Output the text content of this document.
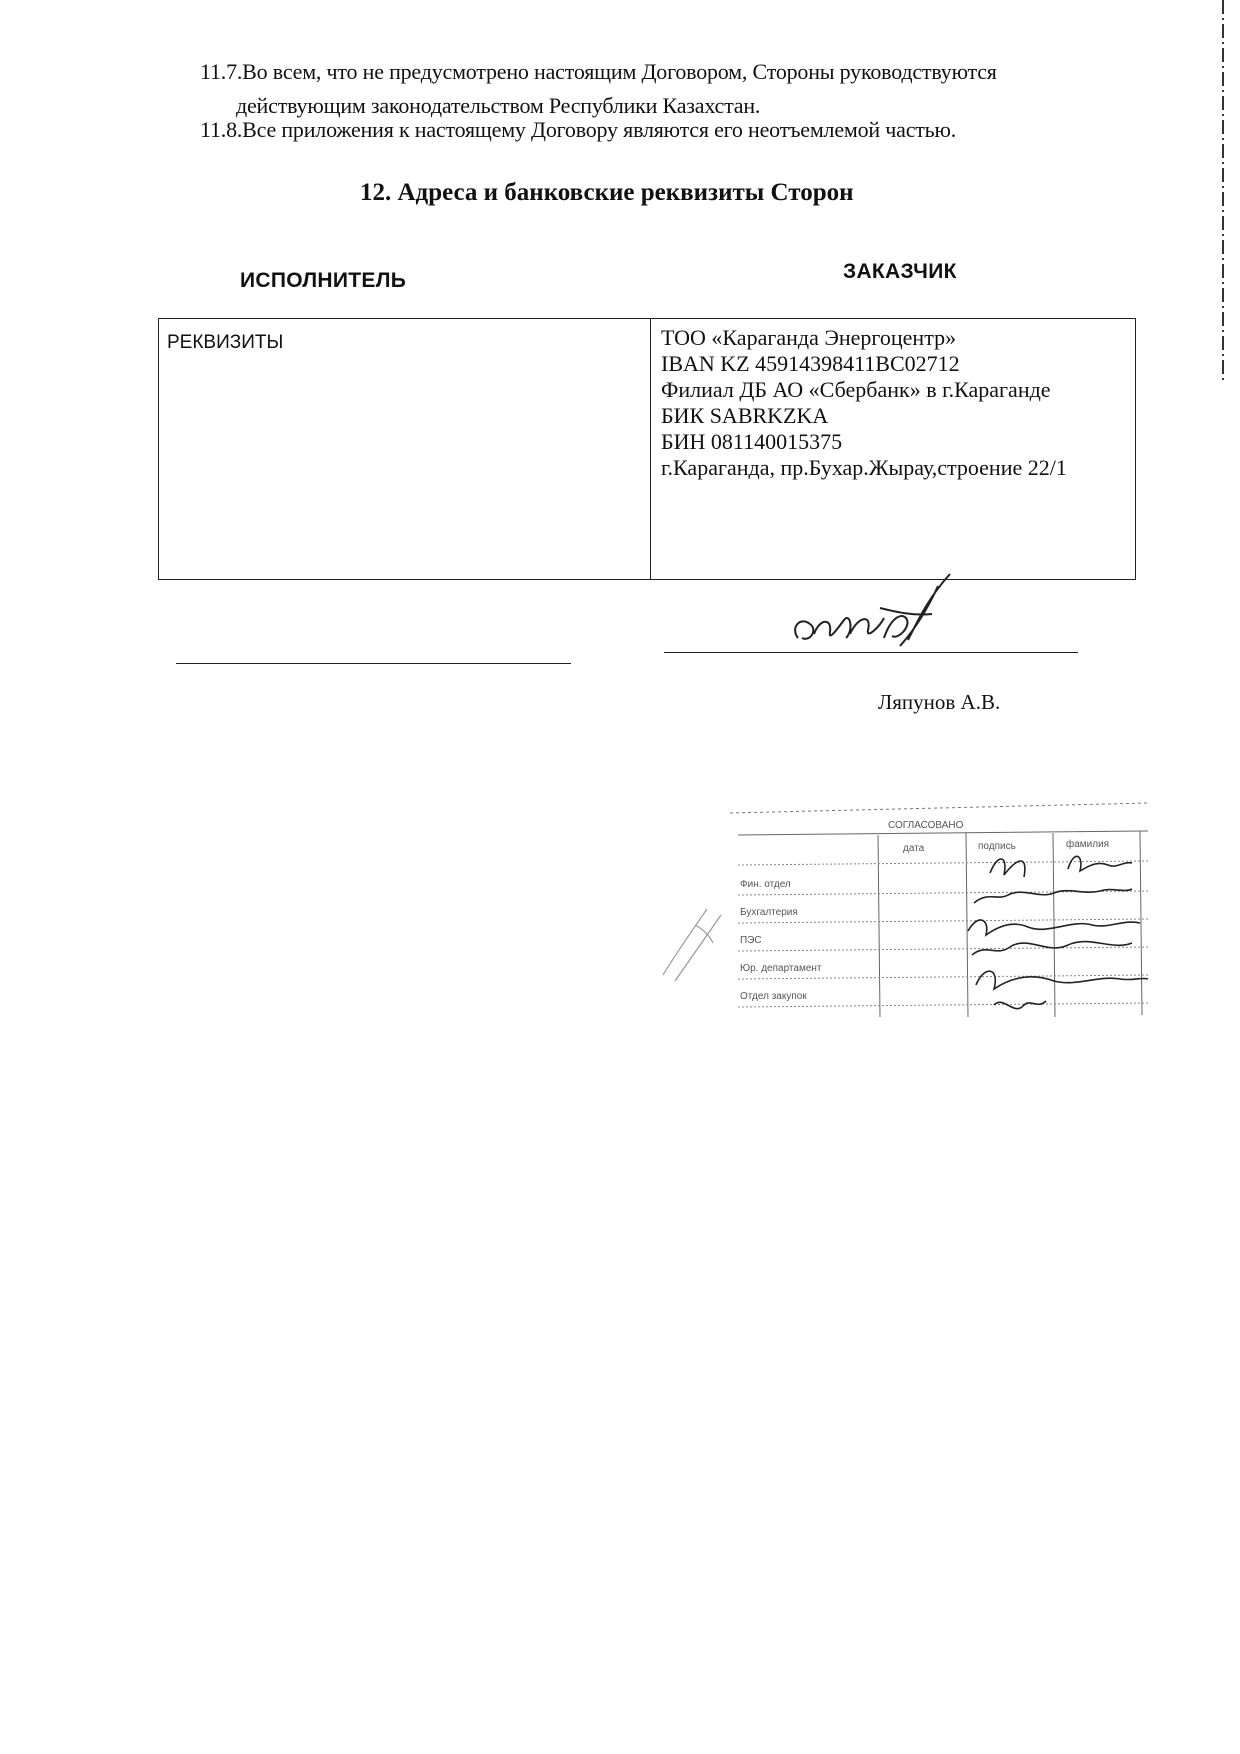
11.7.Во всем, что не предусмотрено настоящим Договором, Стороны руководствуются
действующим законодательством Республики Казахстан.
11.8.Все приложения к настоящему Договору являются его неотъемлемой частью.
12. Адреса и банковские реквизиты Сторон
ИСПОЛНИТЕЛЬ	ЗАКАЗЧИК
РЕКВИЗИТЫ	ТОО «Караганда Энергоцентр»
IBAN KZ 45914398411BC02712
Филиал ДБ АО «Сбербанк» в г.Караганде
БИК SABRKZKA
БИН 081140015375
г.Караганда, пр.Бухар.Жырау,строение 22/1
Ляпунов А.В.
СОГЛАСОВАНО
дата	подпись	фамилия
Фин. отдел
Бухгалтерия
ПЭС
Юр. департамент
Отдел закупок
